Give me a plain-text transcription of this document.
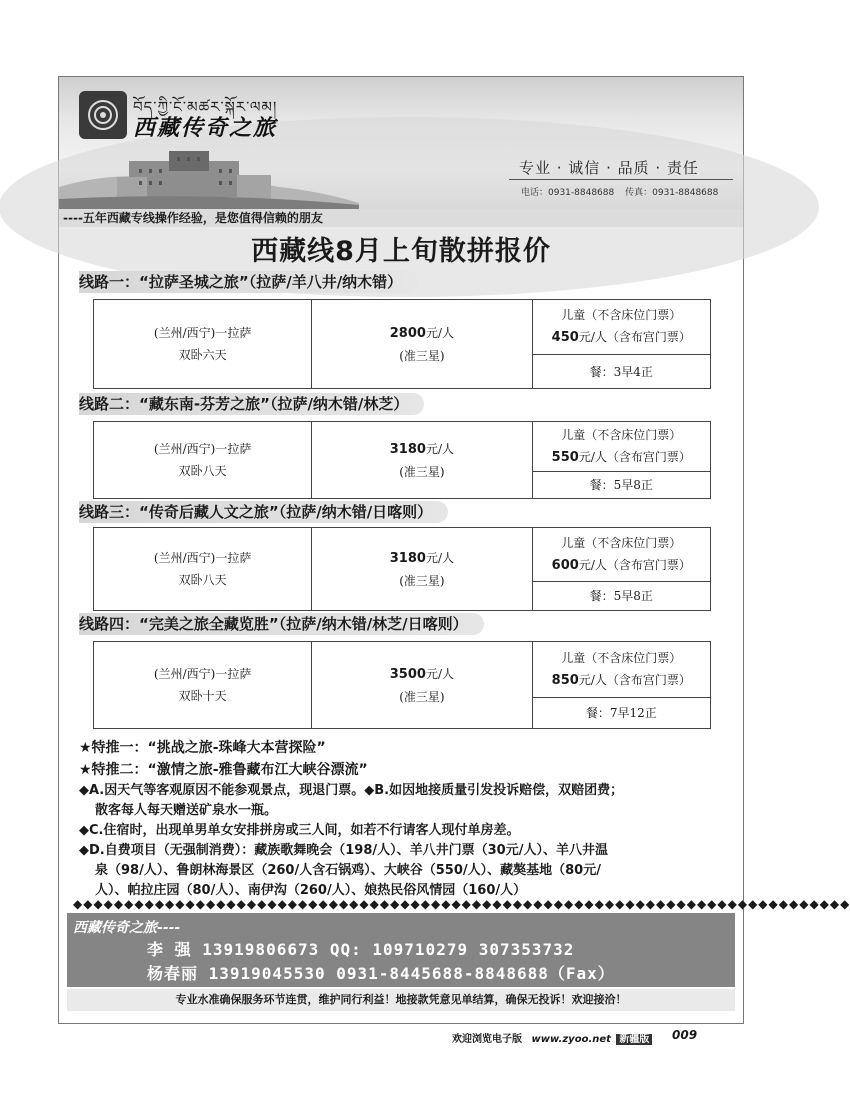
བོད་ཀྱི་ངོ་མཚར་སྐོར་ལམ།
西藏传奇之旅
专业 · 诚信 · 品质 · 责任
电话：0931-8848688 传真：0931-8848688
----五年西藏专线操作经验，是您值得信赖的朋友
西藏线8月上旬散拼报价
线路一：“拉萨圣城之旅”（拉萨/羊八井/纳木错）
(兰州/西宁)一拉萨
双卧六天

2800元/人
(准三星)

儿童（不含床位门票）
450元/人（含布宫门票）

餐：3早4正
线路二：“藏东南-芬芳之旅”（拉萨/纳木错/林芝）
(兰州/西宁)一拉萨
双卧八天

3180元/人
(准三星)

儿童（不含床位门票）
550元/人（含布宫门票）

餐：5早8正
线路三：“传奇后藏人文之旅”（拉萨/纳木错/日喀则）
(兰州/西宁)一拉萨
双卧八天

3180元/人
(准三星)

儿童（不含床位门票）
600元/人（含布宫门票）

餐：5早8正
线路四：“完美之旅全藏览胜”（拉萨/纳木错/林芝/日喀则）
(兰州/西宁)一拉萨
双卧十天

3500元/人
(准三星)

儿童（不含床位门票）
850元/人（含布宫门票）

餐：7早12正
★特推一：“挑战之旅-珠峰大本营探险”
★特推二：“激情之旅-雅鲁藏布江大峡谷漂流”
◆A.因天气等客观原因不能参观景点，现退门票。◆B.如因地接质量引发投诉赔偿，双赔团费；
散客每人每天赠送矿泉水一瓶。
◆C.住宿时，出现单男单女安排拼房或三人间，如若不行请客人现付单房差。
◆D.自费项目（无强制消费）：藏族歌舞晚会（198/人）、羊八井门票（30元/人）、羊八井温
泉（98/人）、鲁朗林海景区（260/人含石锅鸡）、大峡谷（550/人）、藏獒基地（80元/
人）、帕拉庄园（80/人）、南伊沟（260/人）、娘热民俗风情园（160/人）
◆◆◆◆◆◆◆◆◆◆◆◆◆◆◆◆◆◆◆◆◆◆◆◆◆◆◆◆◆◆◆◆◆◆◆◆◆◆◆◆◆◆◆◆◆◆◆◆◆◆◆◆◆◆◆◆◆◆◆◆◆◆◆◆◆◆◆◆◆◆◆◆◆◆◆◆
西藏传奇之旅----
李 强 13919806673 QQ: 109710279 307353732
杨春丽 13919045530 0931-8445688-8848688（Fax）
专业水准确保服务环节连贯，维护同行利益！地接款凭意见单结算，确保无投诉！欢迎接洽！
欢迎浏览电子版 www.zyoo.net 新疆版 009
